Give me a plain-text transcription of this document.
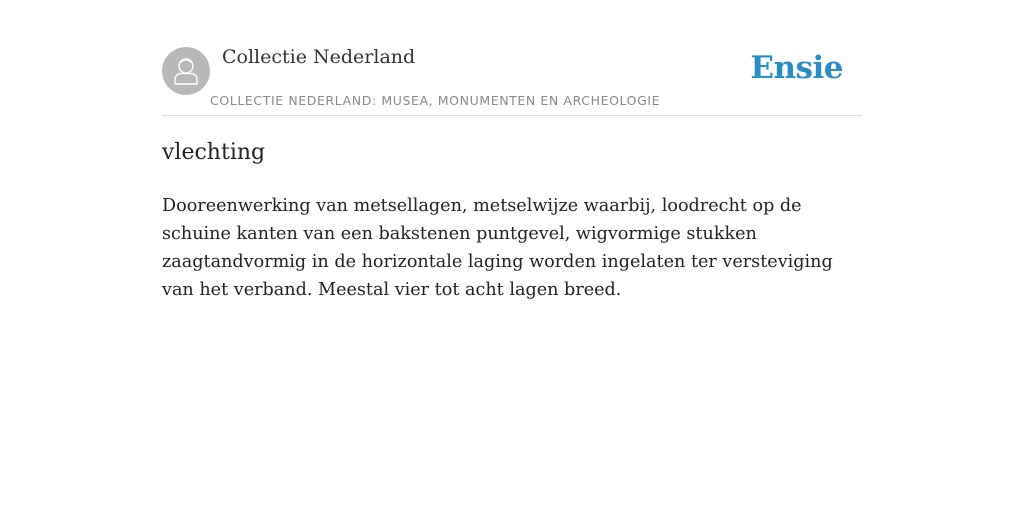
Collectie Nederland
COLLECTIE NEDERLAND: MUSEA, MONUMENTEN EN ARCHEOLOGIE
Ensie
vlechting

Dooreenwerking van metsellagen, metselwijze waarbij, loodrecht op de schuine kanten van een bakstenen puntgevel, wigvormige stukken zaagtandvormig in de horizontale laging worden ingelaten ter versteviging van het verband. Meestal vier tot acht lagen breed.
